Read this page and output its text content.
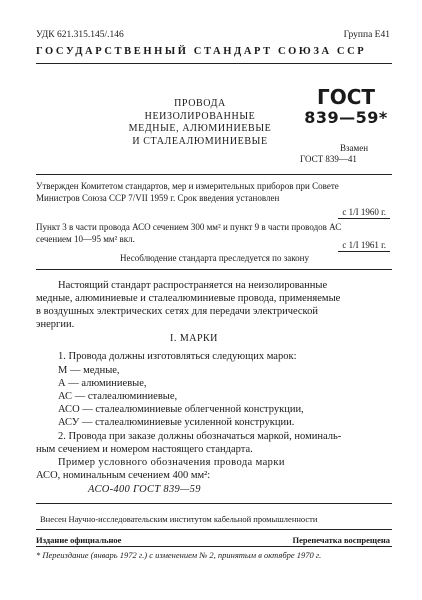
УДК 621.315.145/.146	Группа Е41
ГОСУДАРСТВЕННЫЙ СТАНДАРТ СОЮЗА ССР
ПРОВОДА
НЕИЗОЛИРОВАННЫЕ
МЕДНЫЕ, АЛЮМИНИЕВЫЕ
И СТАЛЕАЛЮМИНИЕВЫЕ
ГОСТ
839—59*
Взамен
ГОСТ 839—41
Утвержден Комитетом стандартов, мер и измерительных приборов при Совете
Министров Союза ССР 7/VII 1959 г. Срок введения установлен
с 1/I 1960 г.
Пункт 3 в части провода АСО сечением 300 мм² и пункт 9 в части проводов АС
сечением 10—95 мм² вкл.
с 1/I 1961 г.
Несоблюдение стандарта преследуется по закону
Настоящий стандарт распространяется на неизолированные
медные, алюминиевые и сталеалюминиевые провода, применяемые
в воздушных электрических сетях для передачи электрической
энергии.
I. МАРКИ
1. Провода должны изготовляться следующих марок:
М — медные,
А — алюминиевые,
АС — сталеалюминиевые,
АСО — сталеалюминиевые облегченной конструкции,
АСУ — сталеалюминиевые усиленной конструкции.
2. Провода при заказе должны обозначаться маркой, номиналь-
ным сечением и номером настоящего стандарта.
Пример условного обозначения провода марки
АСО, номинальным сечением 400 мм²:
АСО-400 ГОСТ 839—59
Внесен Научно-исследовательским институтом кабельной промышленности
Издание официальное	Перепечатка воспрещена
* Переиздание (январь 1972 г.) с изменением № 2, принятым в октябре 1970 г.
